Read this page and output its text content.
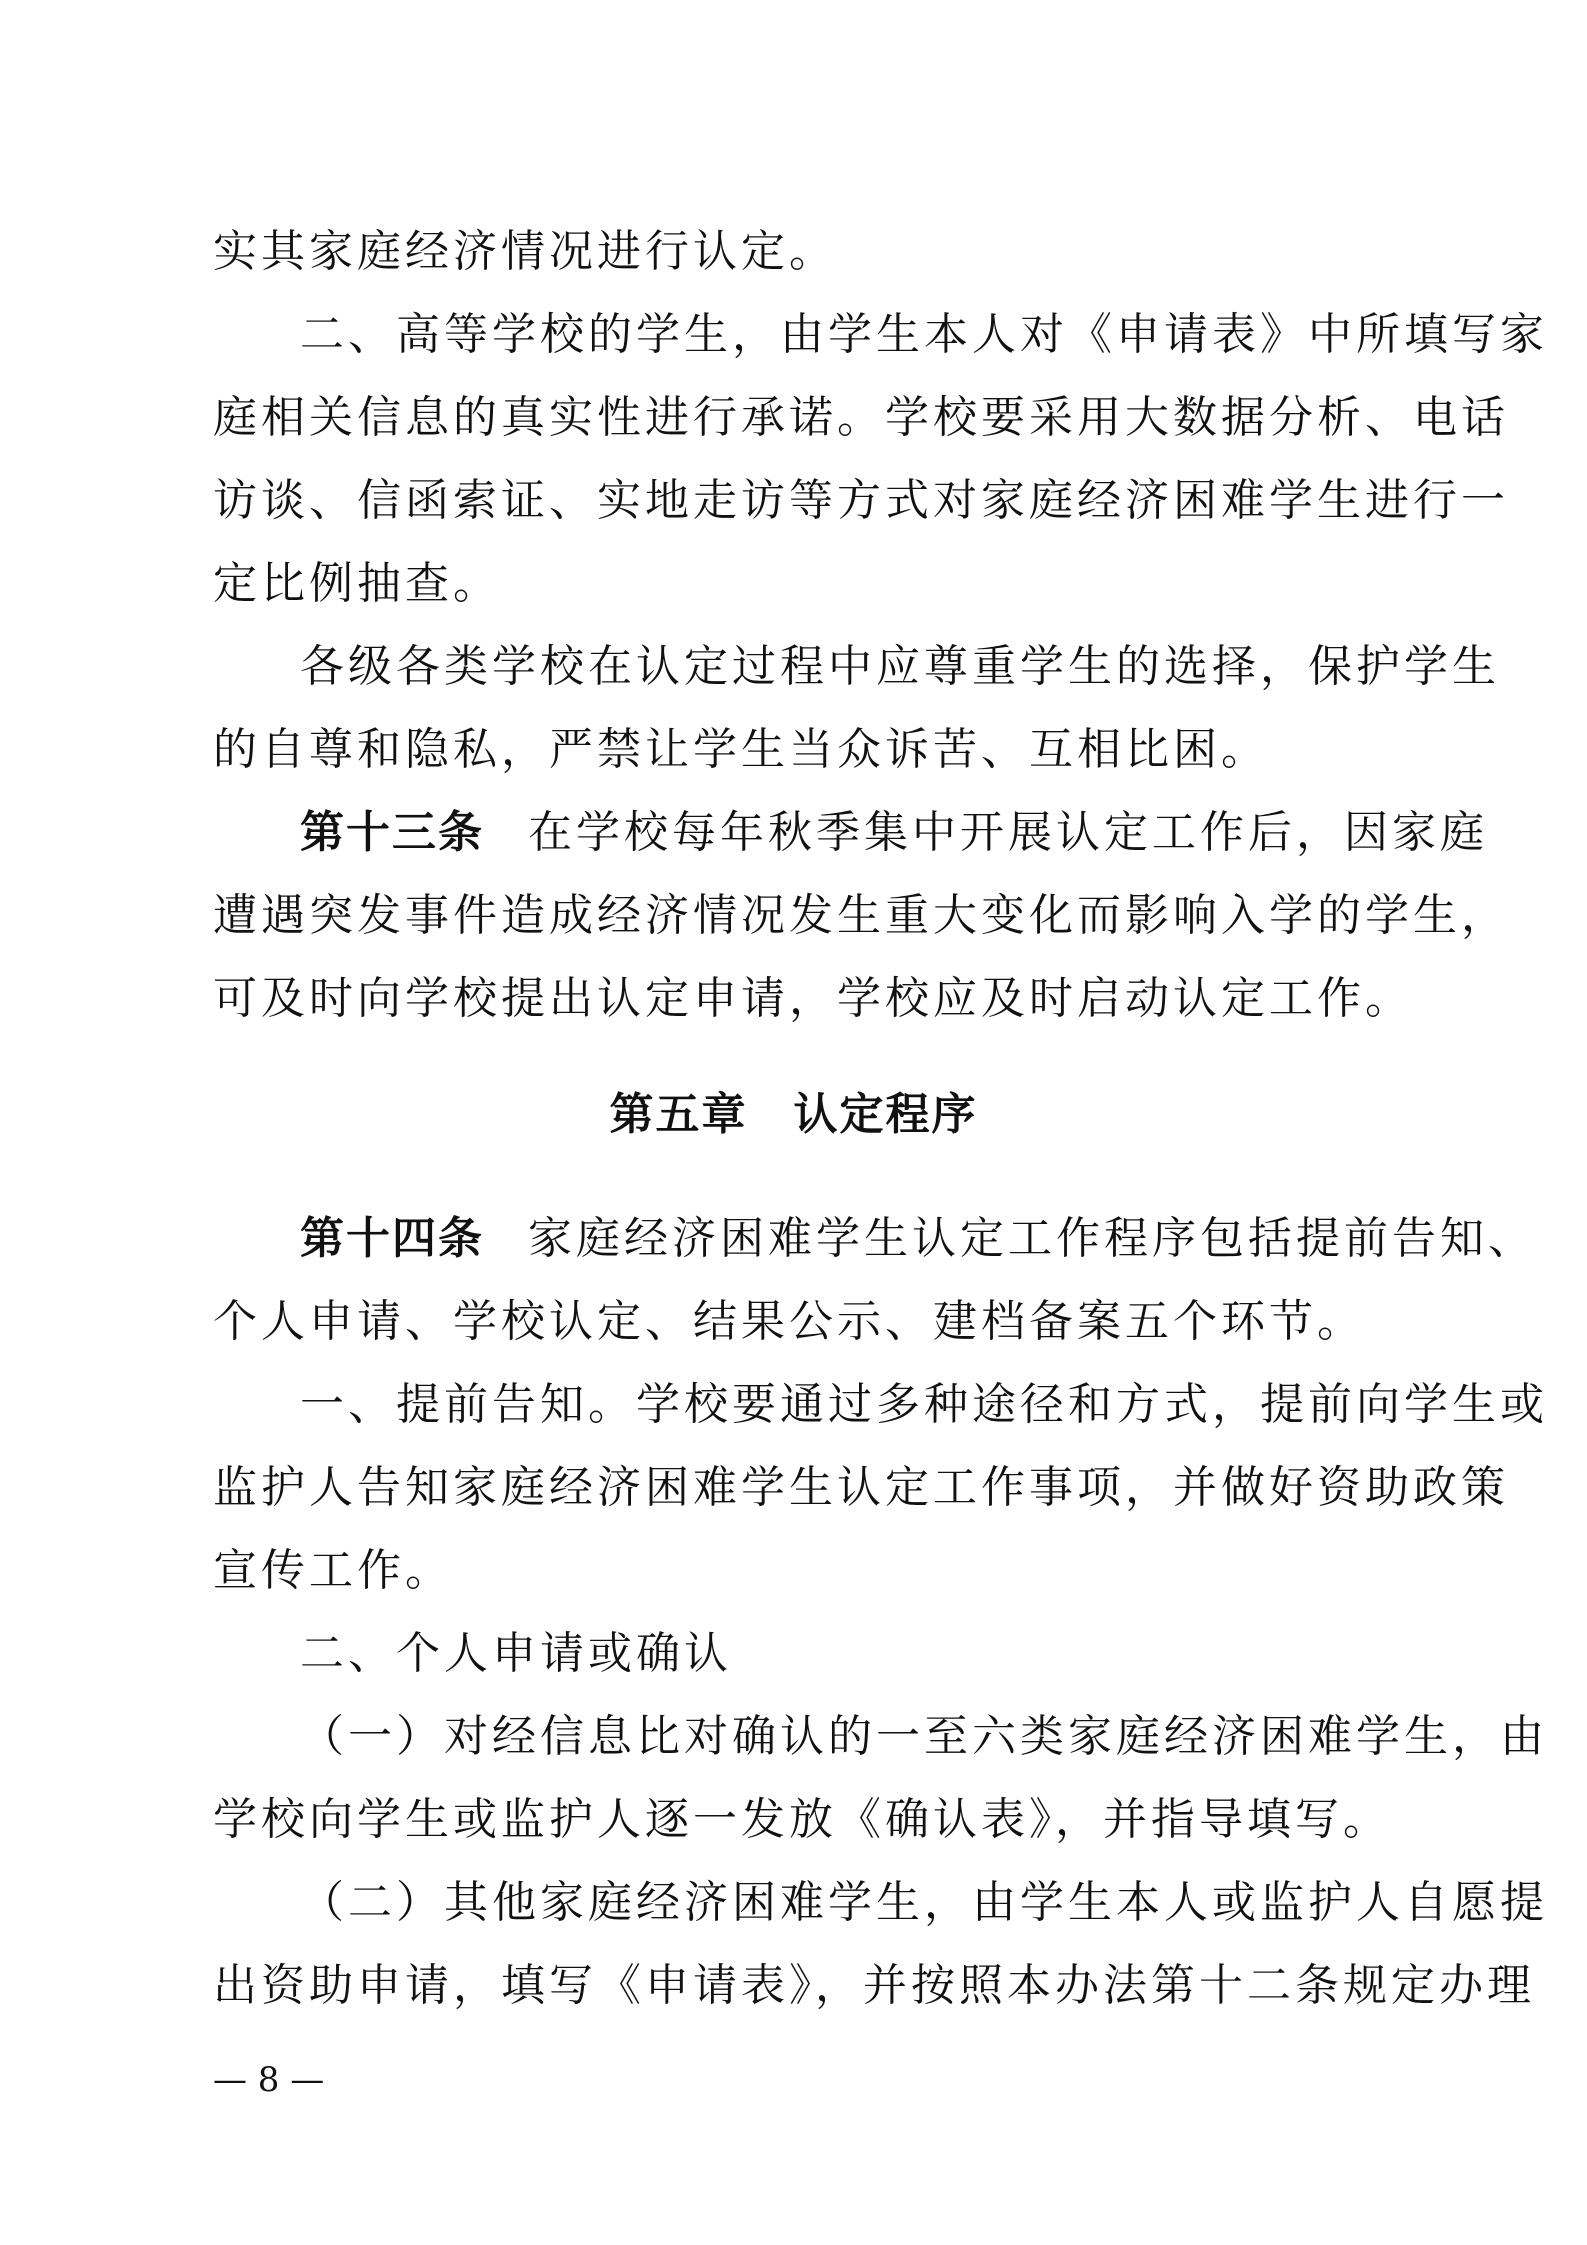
实其家庭经济情况进行认定。
二、高等学校的学生，由学生本人对《申请表》中所填写家
庭相关信息的真实性进行承诺。学校要采用大数据分析、电话
访谈、信函索证、实地走访等方式对家庭经济困难学生进行一
定比例抽查。
各级各类学校在认定过程中应尊重学生的选择，保护学生
的自尊和隐私，严禁让学生当众诉苦、互相比困。
第十三条 在学校每年秋季集中开展认定工作后，因家庭
遭遇突发事件造成经济情况发生重大变化而影响入学的学生，
可及时向学校提出认定申请，学校应及时启动认定工作。
第五章　认定程序
第十四条 家庭经济困难学生认定工作程序包括提前告知、
个人申请、学校认定、结果公示、建档备案五个环节。
一、提前告知。学校要通过多种途径和方式，提前向学生或
监护人告知家庭经济困难学生认定工作事项，并做好资助政策
宣传工作。
二、个人申请或确认
（一）对经信息比对确认的一至六类家庭经济困难学生，由
学校向学生或监护人逐一发放《确认表》，并指导填写。
（二）其他家庭经济困难学生，由学生本人或监护人自愿提
出资助申请，填写《申请表》，并按照本办法第十二条规定办理
— 8 —
